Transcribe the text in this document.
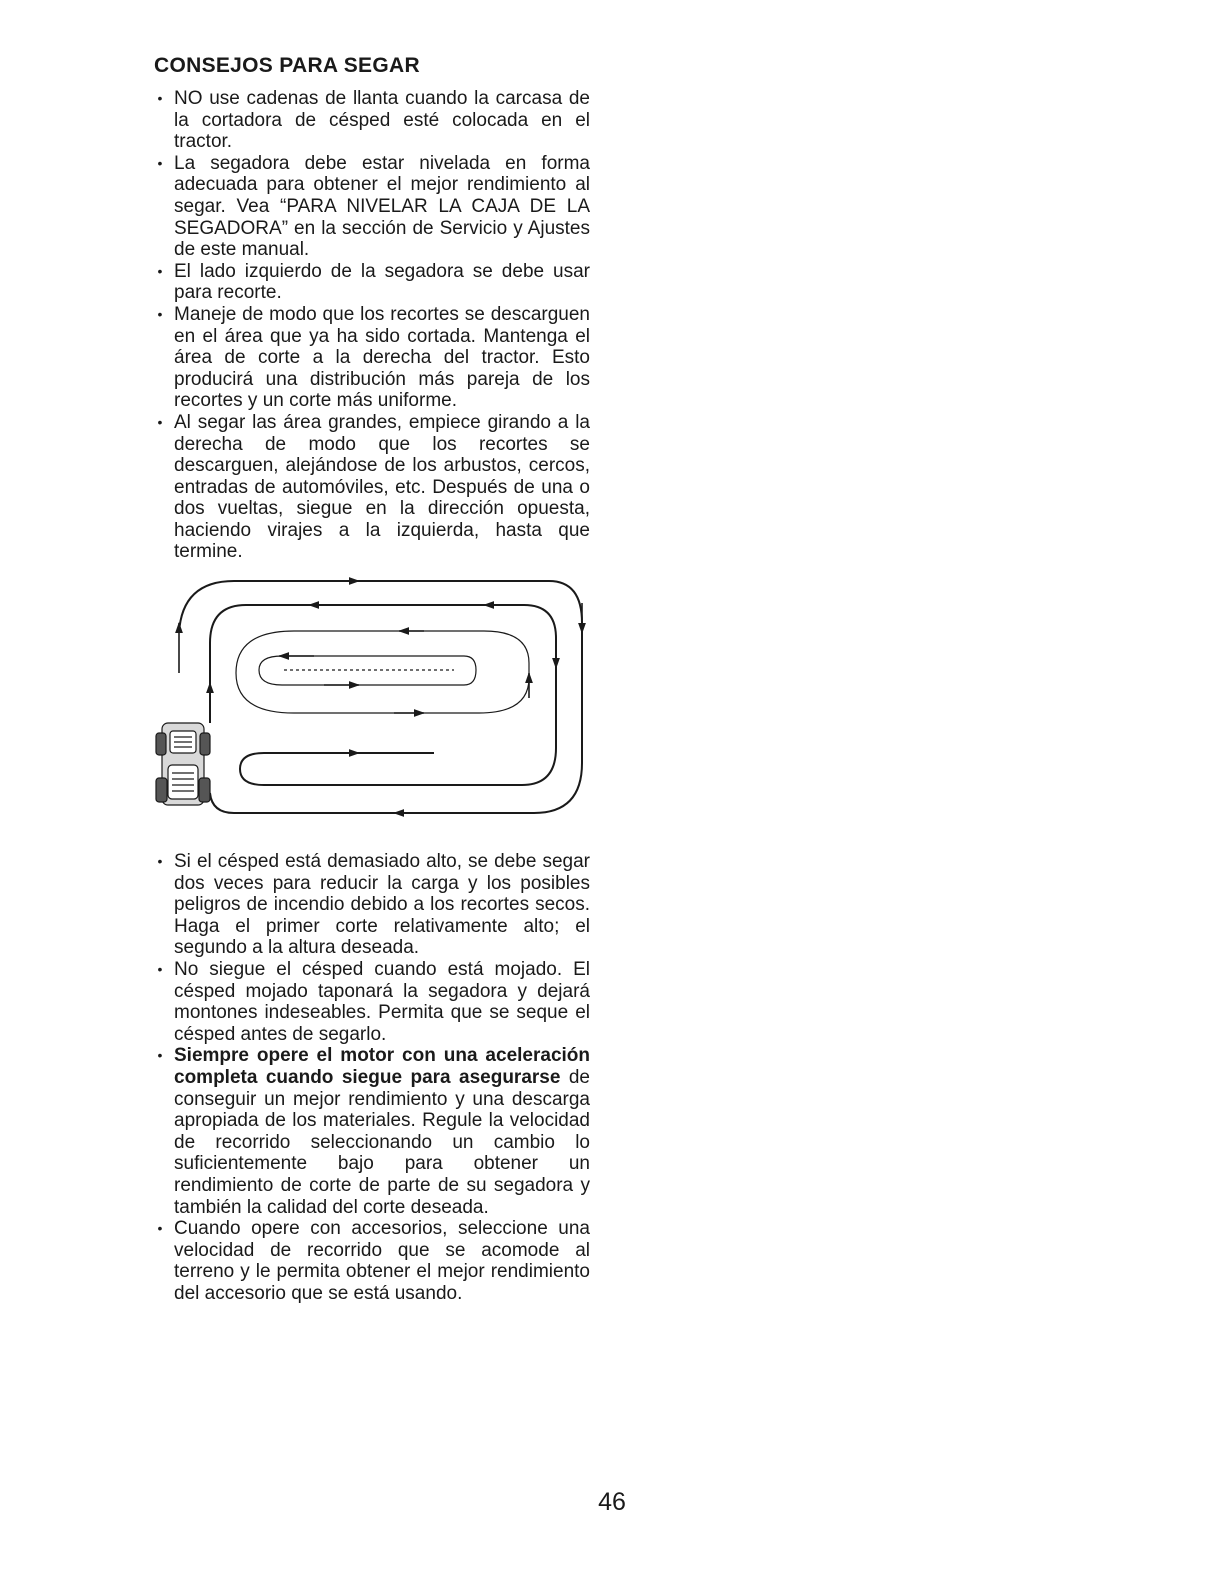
CONSEJOS PARA SEGAR
• NO use cadenas de llanta cuando la carcasa de la cortadora de césped esté colocada en el tractor.
• La segadora debe estar nivelada en forma adecuada para obtener el mejor rendimiento al segar. Vea “PARA NIVELAR LA CAJA DE LA SEGADORA” en la sección de Servicio y Ajustes de este manual.
• El lado izquierdo de la segadora se debe usar para recorte.
• Maneje de modo que los recortes se descarguen en el área que ya ha sido cortada. Mantenga el área de corte a la derecha del tractor. Esto producirá una distribución más pareja de los recortes y un corte más uniforme.
• Al segar las área grandes, empiece girando a la derecha de modo que los recortes se descarguen, alejándose de los arbustos, cercos, entradas de automóviles, etc. Después de una o dos vueltas, siegue en la dirección opuesta, haciendo virajes a la izquierda, hasta que termine.
• Si el césped está demasiado alto, se debe segar dos veces para reducir la carga y los posibles peligros de incendio debido a los recortes secos. Haga el primer corte relativamente alto; el segundo a la altura deseada.
• No siegue el césped cuando está mojado. El césped mojado taponará la segadora y dejará montones indeseables. Permita que se seque el césped antes de segarlo.
• Siempre opere el motor con una aceleración completa cuando siegue para asegurarse de conseguir un mejor rendimiento y una descarga apropiada de los materiales. Regule la velocidad de recorrido seleccionando un cambio lo suficientemente bajo para obtener un rendimiento de corte de parte de su segadora y también la calidad del corte deseada.
• Cuando opere con accesorios, seleccione una velocidad de recorrido que se acomode al terreno y le permita obtener el mejor rendimiento del accesorio que se está usando.
46
